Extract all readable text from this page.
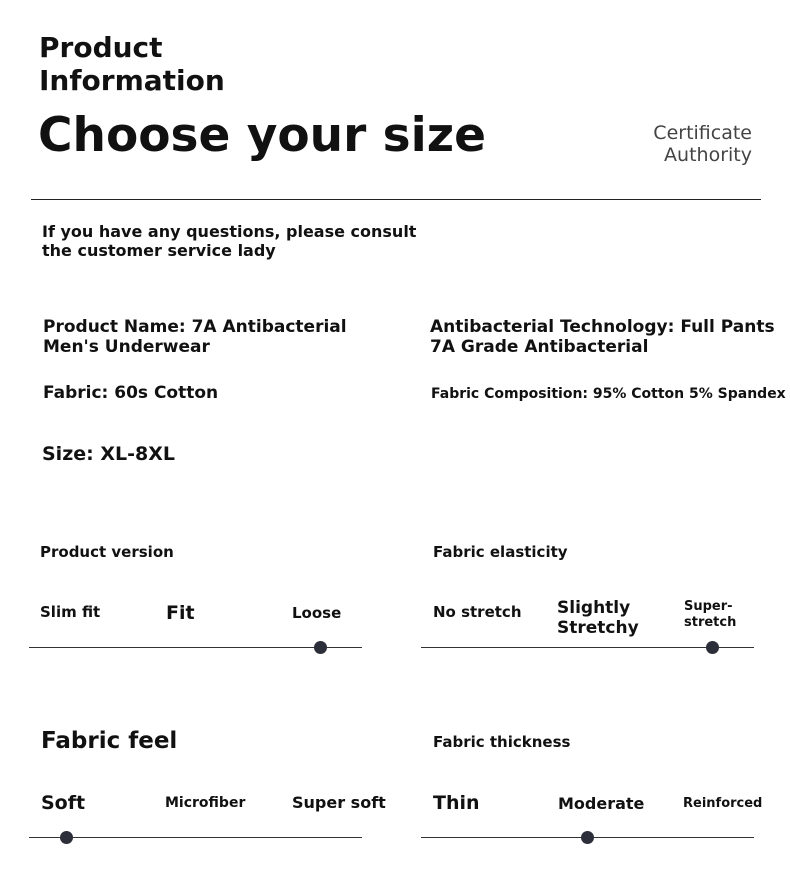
Product
Information
Choose your size	Certificate
Authority
If you have any questions, please consult the customer service lady
Product Name: 7A Antibacterial Men's Underwear
Antibacterial Technology: Full Pants 7A Grade Antibacterial
Fabric: 60s Cotton	Fabric Composition: 95% Cotton 5% Spandex
Size: XL-8XL
Product version
Slim fit	Fit	Loose
Fabric elasticity
No stretch Slightly Stretchy
Super-stretch
Fabric feel
Soft	Microfiber	Super soft
Fabric thickness
Thin	Moderate	Reinforced
